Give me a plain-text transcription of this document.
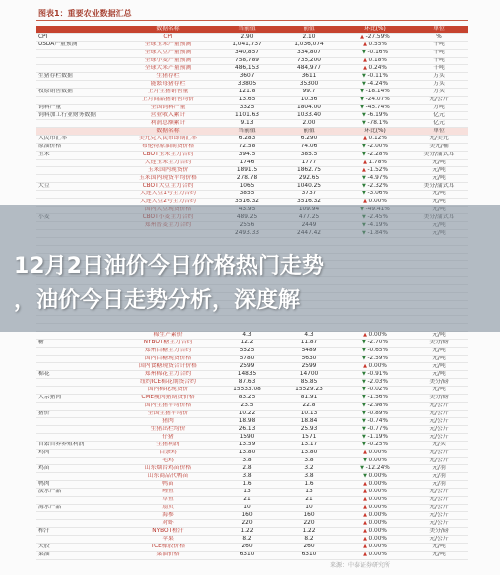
图表1：重要农业数据汇总
	数据名称	当前值	前值	环比(%)	单位
CPI	CPI	2.90	2.10	▲ -27.59%	%
USDA产量预测	全球玉米产量预测	1,041,737	1,036,074	▲ 0.55%	千吨
	全球大豆产量预测	340,857	334,807	▼ -0.16%	千吨
	全球小麦产量预测	758,789	735,200	▲ 0.18%	千吨
	全球大米产量预测	486,153	484,977	▲ 0.24%	千吨
生猪存栏数据	生猪存栏	3607	3611	▼ -0.11%	万头
	能繁母猪存栏	33805	35300	▼ -4.24%	万头
牧原销售数据	上月生猪销售量	121.8	99.7	▼ -18.14%	万头
	上月商品猪销售均价	13.65	10.36	▼ -24.07%	元/公斤
饲料产量	全国饲料产量	3325	1804.00	▼ -45.74%	万吨
饲料加工行业财务数据	营业收入累计	1101.63	1033.40	▼ -6.19%	亿元
	利润总额累计	9.13	2.00	▼ -78.1%	亿元
	数据名称	当前值	前值	环比(%)	单位
人民币汇率	美元兑人民币即期汇率	6.283	6.290	▲ 0.12%	元/美元
原油价格	布伦特原油期货价格	72.58	74.06	▼ -2.00%	美元/桶
玉米	CBOT玉米主力合约	394.5	385.5	▼ -2.28%	美分/蒲式耳
	大连玉米主力合约	1746	1777	▲ 1.78%	元/吨
	玉米国内现货价	1891.5	1862.75	▲ -1.52%	元/吨
	玉米国内现货平均价格	278.78	292.65	▼ -4.97%	元/吨
大豆	CBOT大豆主力合约	1065	1040.25	▼ -2.32%	美分/蒲式耳
	大连大豆1号主力合约	3855	3737	▼ -3.06%	元/吨
	大连大豆2号主力合约	3516.32	3516.32	▲ 0.00%	元/吨

	棉生产素价	4.3	4.3	▲ 0.00%	元/吨
糖	NYBOT糖主力合约	12.2	11.87	▼ -2.70%	美分/磅
	郑州白糖主力合约	5525	5489	▼ -0.65%	元/吨
	国内白糖现货价格	5780	5630	▼ -2.59%	元/吨
	国内食糖现货合计价格	2599	2599	▲ 0.00%	元/吨
棉花	郑州棉花主力合约	14835	14700	▼ -0.91%	元/吨
	纽约ICE棉花期货合约	87.63	85.85	▼ -2.03%	美分/磅
	国内棉花现货价	15533.08	15529.23	▼ -0.02%	元/吨
大宗猪肉	CME瘦肉猪期货价格	83.25	81.91	▼ -1.56%	美分/磅
	国内生猪平均价格	23.5	22.8	▼ -2.98%	元/公斤
猪价	全国生猪平均价	10.22	10.13	▼ -0.89%	元/公斤
	猪肉	18.98	18.84	▼ -0.74%	元/公斤
	生猪出栏均价	26.13	25.93	▼ -0.77%	元/公斤
	仔猪	1590	1571	▼ -1.19%	元/公斤
自繁自养养殖利润	生猪利润	13.59	13.17	▼ -0.25%	元/头
鸡肉	白条鸡	13.80	13.80	▲ 0.00%	元/公斤
	毛鸡	3.8	3.8	▼ 0.00%	元/公斤
鸡苗	山东烟台鸡苗价格	2.8	3.2	▼ -12.24%	元/羽
	山东商品代鸭苗	3.8	3.8	▼ 0.00%	元/羽
鸭肉	鸭苗	1.6	1.6	▲ 0.00%	元/羽
淡水产品	鲤鱼	13	13	▲ 0.00%	元/公斤
	草鱼	21	21	▲ 0.00%	元/公斤
海水产品	扇贝	10	10	▲ 0.00%	元/公斤
	海参	160	160	▲ 0.00%	元/公斤
	对虾	220	220	▲ 0.00%	元/公斤
榨汁	NYBOT橙汁	1.22	1.22	▲ 0.00%	美分/磅
	苹果	8.2	8.2	▲ 0.00%	元/公斤
天胶	TCE橡胶价格	260	260	▲ 0.00%	元/吨
菜油	菜油价格	6310	6310	▲ 0.00%	元/吨
12月2日油价今日价格热门走势
，油价今日走势分析，深度解
来源：中泰证券研究所
